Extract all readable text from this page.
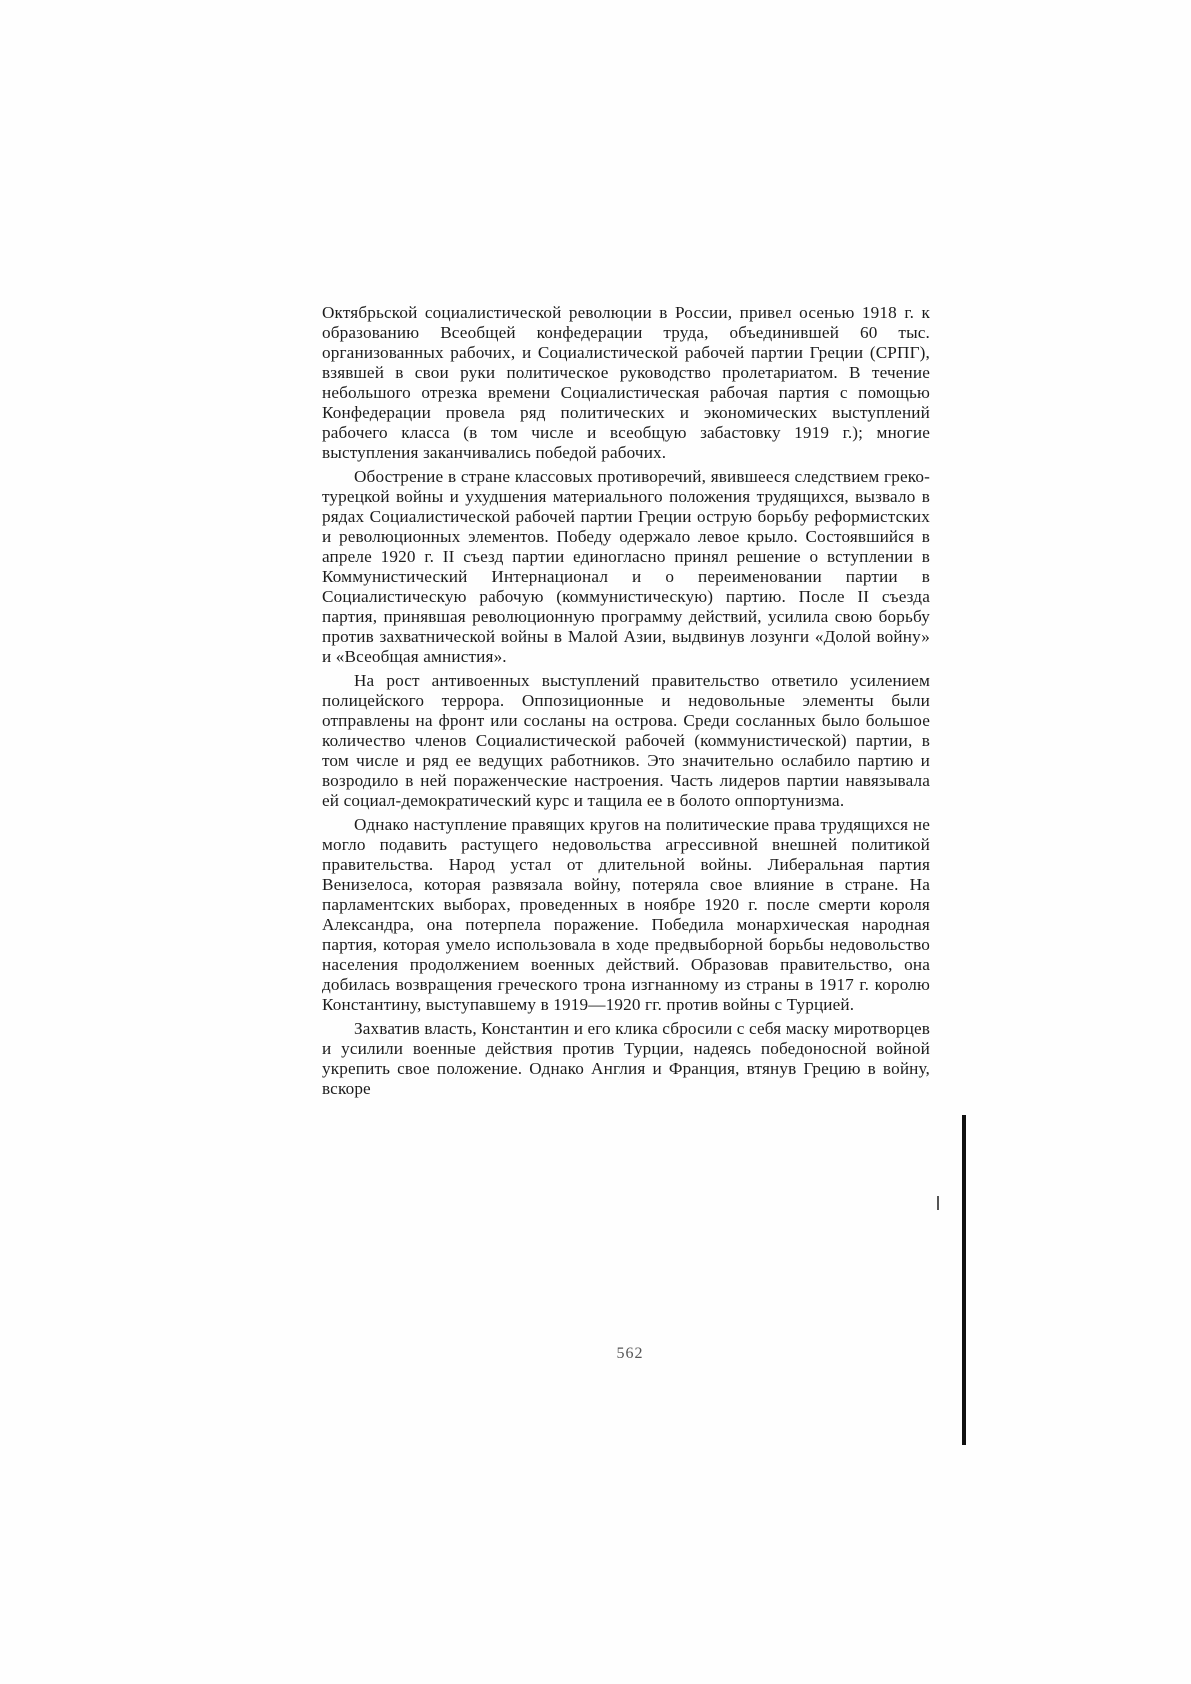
Октябрьской социалистической революции в России, привел осенью 1918 г. к образованию Всеобщей конфедерации труда, объединившей 60 тыс. организованных рабочих, и Социалистической рабочей партии Греции (СРПГ), взявшей в свои руки политическое руководство пролетариатом. В течение небольшого отрезка времени Социалистическая рабочая партия с помощью Конфедерации провела ряд политических и экономических выступлений рабочего класса (в том числе и всеобщую забастовку 1919 г.); многие выступления заканчивались победой рабочих.

Обострение в стране классовых противоречий, явившееся следствием греко-турецкой войны и ухудшения материального положения трудящихся, вызвало в рядах Социалистической рабочей партии Греции острую борьбу реформистских и революционных элементов. Победу одержало левое крыло. Состоявшийся в апреле 1920 г. II съезд партии единогласно принял решение о вступлении в Коммунистический Интернационал и о переименовании партии в Социалистическую рабочую (коммунистическую) партию. После II съезда партия, принявшая революционную программу действий, усилила свою борьбу против захватнической войны в Малой Азии, выдвинув лозунги «Долой войну» и «Всеобщая амнистия».

На рост антивоенных выступлений правительство ответило усилением полицейского террора. Оппозиционные и недовольные элементы были отправлены на фронт или сосланы на острова. Среди сосланных было большое количество членов Социалистической рабочей (коммунистической) партии, в том числе и ряд ее ведущих работников. Это значительно ослабило партию и возродило в ней пораженческие настроения. Часть лидеров партии навязывала ей социал-демократический курс и тащила ее в болото оппортунизма.

Однако наступление правящих кругов на политические права трудящихся не могло подавить растущего недовольства агрессивной внешней политикой правительства. Народ устал от длительной войны. Либеральная партия Венизелоса, которая развязала войну, потеряла свое влияние в стране. На парламентских выборах, проведенных в ноябре 1920 г. после смерти короля Александра, она потерпела поражение. Победила монархическая народная партия, которая умело использовала в ходе предвыборной борьбы недовольство населения продолжением военных действий. Образовав правительство, она добилась возвращения греческого трона изгнанному из страны в 1917 г. королю Константину, выступавшему в 1919—1920 гг. против войны с Турцией.

Захватив власть, Константин и его клика сбросили с себя маску миротворцев и усилили военные действия против Турции, надеясь победоносной войной укрепить свое положение. Однако Англия и Франция, втянув Грецию в войну, вскоре

562
